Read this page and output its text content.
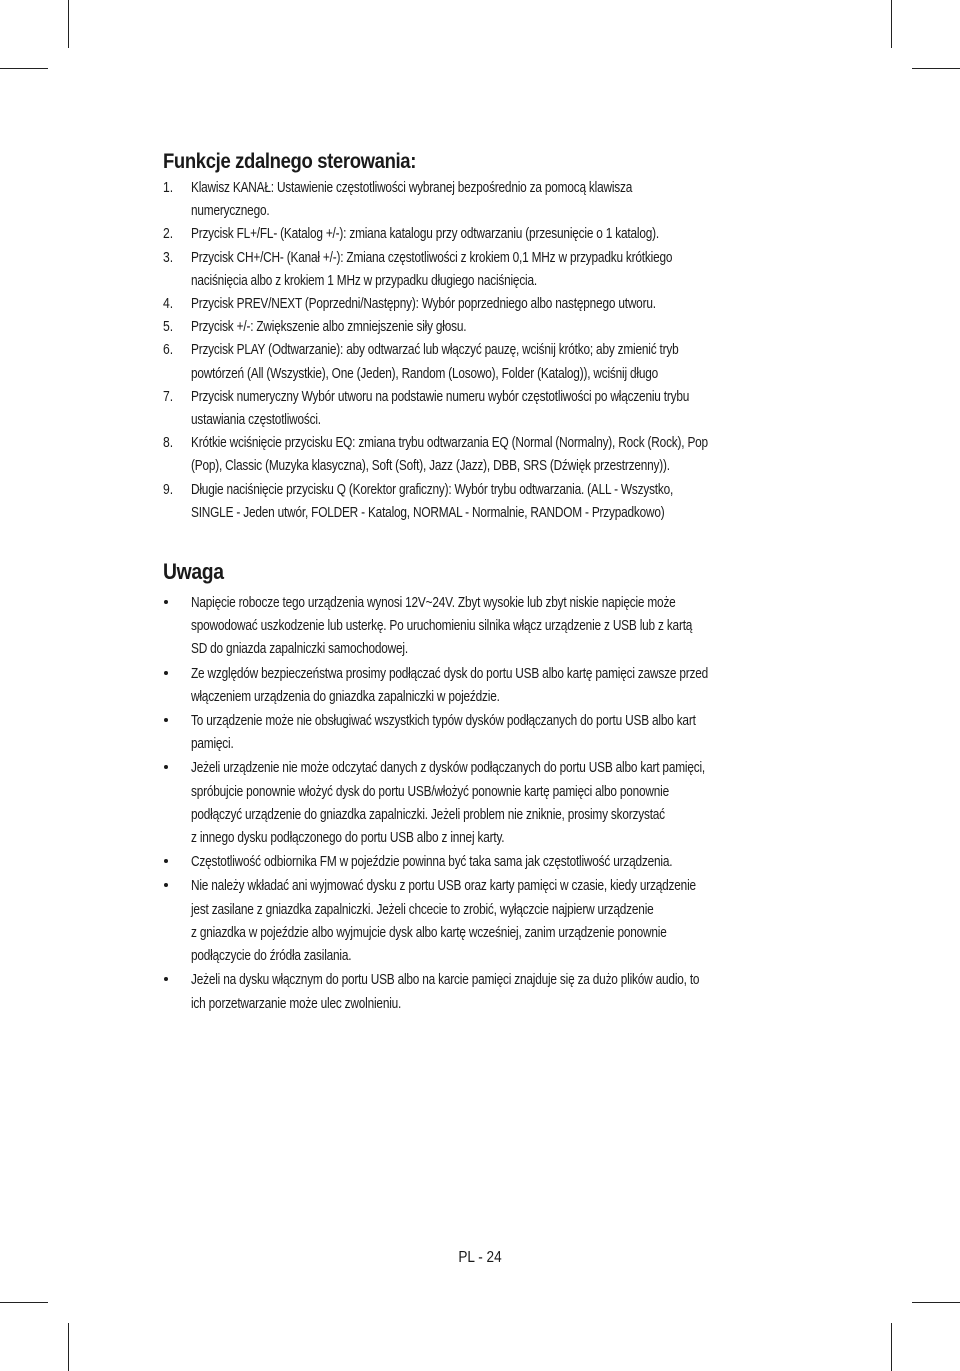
Funkcje zdalnego sterowania:
1. Klawisz KANAŁ: Ustawienie częstotliwości wybranej bezpośrednio za pomocą klawisza
numerycznego.
2. Przycisk FL+/FL- (Katalog +/-): zmiana katalogu przy odtwarzaniu (przesunięcie o 1 katalog).
3. Przycisk CH+/CH- (Kanał +/-): Zmiana częstotliwości z krokiem 0,1 MHz w przypadku krótkiego
naciśnięcia albo z krokiem 1 MHz w przypadku długiego naciśnięcia.
4. Przycisk PREV/NEXT (Poprzedni/Następny): Wybór poprzedniego albo następnego utworu.
5. Przycisk +/-: Zwiększenie albo zmniejszenie siły głosu.
6. Przycisk PLAY (Odtwarzanie): aby odtwarzać lub włączyć pauzę, wciśnij krótko; aby zmienić tryb
powtórzeń (All (Wszystkie), One (Jeden), Random (Losowo), Folder (Katalog)), wciśnij długo
7. Przycisk numeryczny Wybór utworu na podstawie numeru wybór częstotliwości po włączeniu trybu
ustawiania częstotliwości.
8. Krótkie wciśnięcie przycisku EQ: zmiana trybu odtwarzania EQ (Normal (Normalny), Rock (Rock), Pop
(Pop), Classic (Muzyka klasyczna), Soft (Soft), Jazz (Jazz), DBB, SRS (Dźwięk przestrzenny)).
9. Długie naciśnięcie przycisku Q (Korektor graficzny): Wybór trybu odtwarzania. (ALL - Wszystko,
SINGLE - Jeden utwór, FOLDER - Katalog, NORMAL - Normalnie, RANDOM - Przypadkowo)
Uwaga
Napięcie robocze tego urządzenia wynosi 12V~24V. Zbyt wysokie lub zbyt niskie napięcie może
spowodować uszkodzenie lub usterkę. Po uruchomieniu silnika włącz urządzenie z USB lub z kartą
SD do gniazda zapalniczki samochodowej.
Ze względów bezpieczeństwa prosimy podłączać dysk do portu USB albo kartę pamięci zawsze przed
włączeniem urządzenia do gniazdka zapalniczki w pojeździe.
To urządzenie może nie obsługiwać wszystkich typów dysków podłączanych do portu USB albo kart
pamięci.
Jeżeli urządzenie nie może odczytać danych z dysków podłączanych do portu USB albo kart pamięci,
spróbujcie ponownie włożyć dysk do portu USB/włożyć ponownie kartę pamięci albo ponownie
podłączyć urządzenie do gniazdka zapalniczki. Jeżeli problem nie zniknie, prosimy skorzystać
z innego dysku podłączonego do portu USB albo z innej karty.
Częstotliwość odbiornika FM w pojeździe powinna być taka sama jak częstotliwość urządzenia.
Nie należy wkładać ani wyjmować dysku z portu USB oraz karty pamięci w czasie, kiedy urządzenie
jest zasilane z gniazdka zapalniczki. Jeżeli chcecie to zrobić, wyłączcie najpierw urządzenie
z gniazdka w pojeździe albo wyjmujcie dysk albo kartę wcześniej, zanim urządzenie ponownie
podłączycie do źródła zasilania.
Jeżeli na dysku włącznym do portu USB albo na karcie pamięci znajduje się za dużo plików audio, to
ich porzetwarzanie może ulec zwolnieniu.
PL - 24
